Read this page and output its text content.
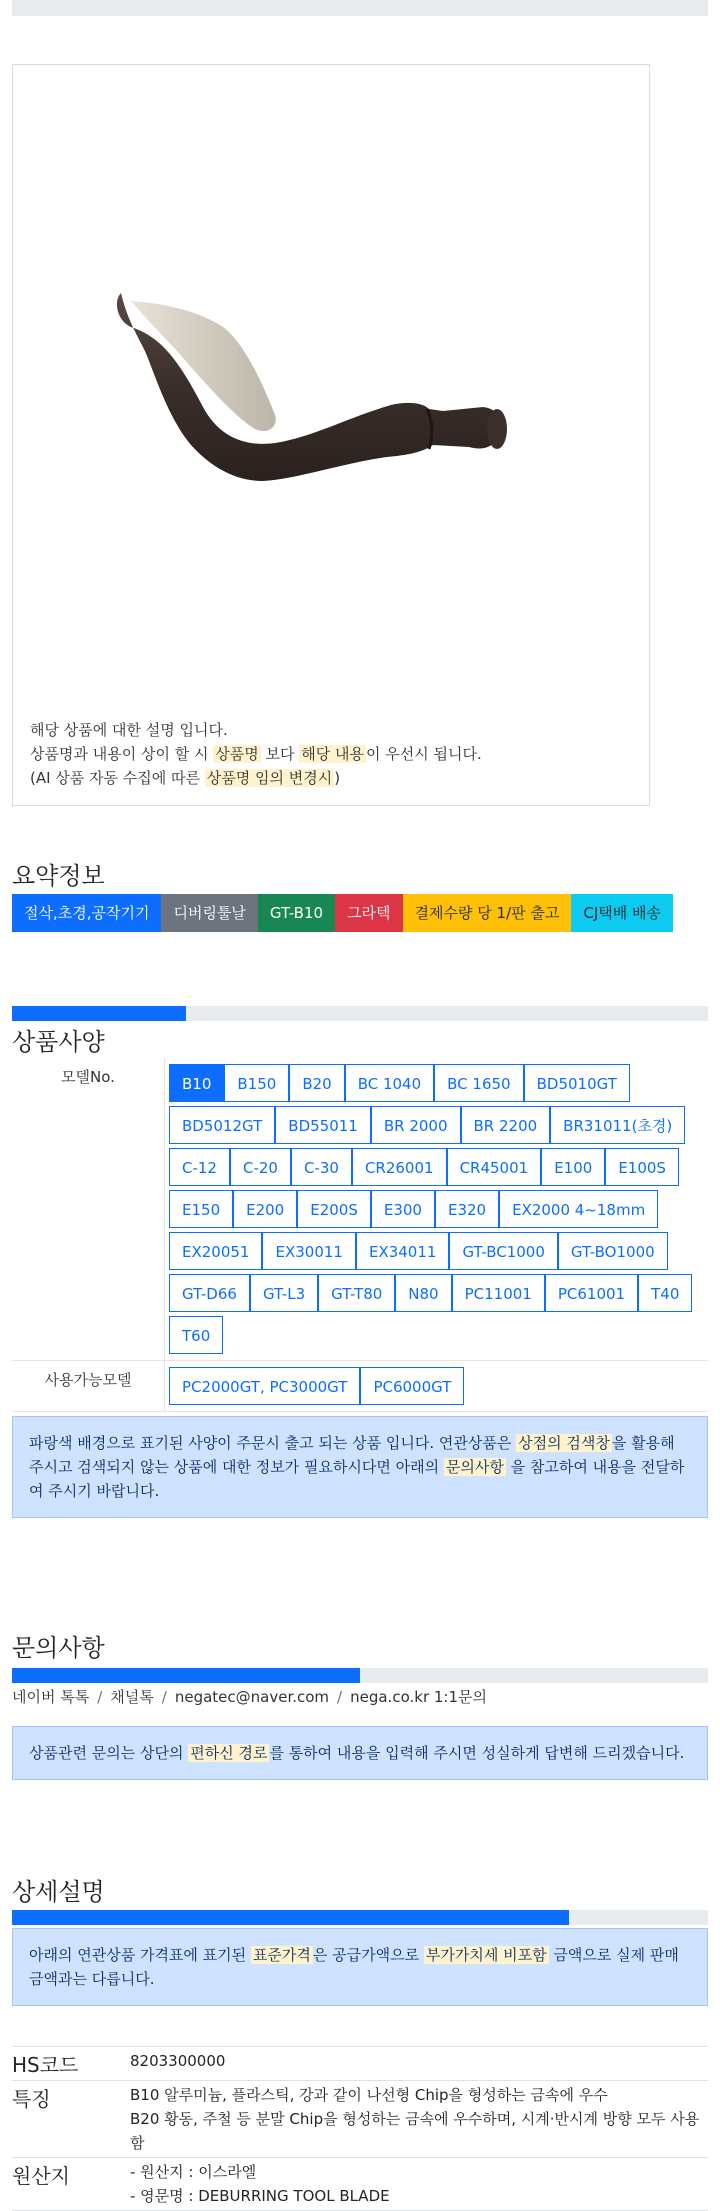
해당 상품에 대한 설명 입니다.
상품명과 내용이 상이 할 시 상품명 보다 해당 내용 이 우선시 됩니다.
(AI 상품 자동 수집에 따른 상품명 임의 변경시 )
요약정보
절삭,초경,공작기기	디버링툴날	GT-B10	그라텍	결제수량 당 1/판 출고	CJ택배 배송
상품사양
모델No.	B10	B150	B20	BC 1040	BC 1650	BD5010GT
BD5012GT	BD55011	BR 2000	BR 2200	BR31011(초경)
C-12	C-20	C-30	CR26001	CR45001	E100	E100S
E150	E200	E200S	E300	E320	EX2000 4~18mm
EX20051	EX30011	EX34011	GT-BC1000	GT-BO1000
GT-D66	GT-L3	GT-T80	N80	PC11001	PC61001	T40
T60
사용가능모델	PC2000GT, PC3000GT	PC6000GT
파랑색 배경으로 표기된 사양이 주문시 출고 되는 상품 입니다. 연관상품은 상점의 검색창 을 활용해 주시고 검색되지 않는 상품에 대한 정보가 필요하시다면 아래의 문의사항 을 참고하여 내용을 전달하여 주시기 바랍니다.
문의사항
네이버 톡톡 / 채널톡 / negatec@naver.com / nega.co.kr 1:1문의
상품관련 문의는 상단의 편하신 경로 를 통하여 내용을 입력해 주시면 성실하게 답변해 드리겠습니다.
상세설명
아래의 연관상품 가격표에 표기된 표준가격 은 공급가액으로 부가가치세 비포함 금액으로 실제 판매금액과는 다릅니다.
HS코드	8203300000
특징	B10 알루미늄, 플라스틱, 강과 같이 나선형 Chip을 형성하는 금속에 우수
B20 황동, 주철 등 분말 Chip을 형성하는 금속에 우수하며, 시계·반시계 방향 모두 사용함
원산지	- 원산지 : 이스라엘
- 영문명 : DEBURRING TOOL BLADE
